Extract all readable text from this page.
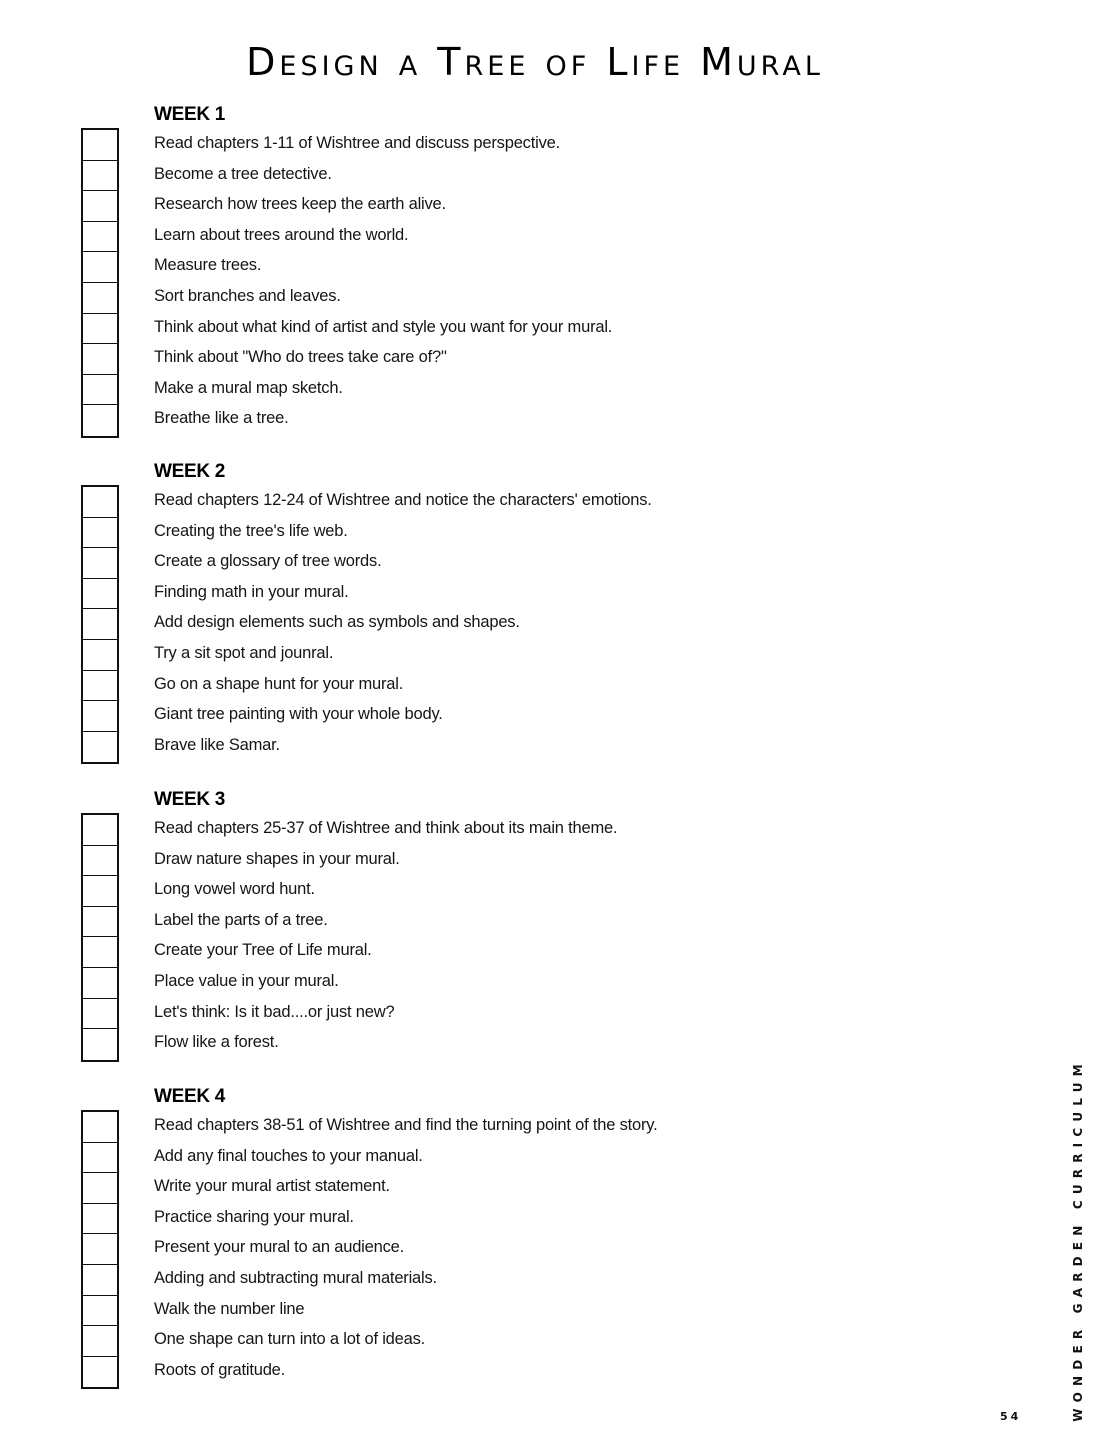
Design a Tree of Life Mural
WEEK 1
Read chapters 1-11 of Wishtree and discuss perspective.
Become a tree detective.
Research how trees keep the earth alive.
Learn about trees around the world.
Measure trees.
Sort branches and leaves.
Think about what kind of artist and style you want for your mural.
Think about "Who do trees take care of?"
Make a mural map sketch.
Breathe like a tree.
WEEK 2
Read chapters 12-24 of Wishtree and notice the characters' emotions.
Creating the tree's life web.
Create a glossary of tree words.
Finding math in your mural.
Add design elements such as symbols and shapes.
Try a sit spot and jounral.
Go on a shape hunt for your mural.
Giant tree painting with your whole body.
Brave like Samar.
WEEK 3
Read chapters 25-37 of Wishtree and think about its main theme.
Draw nature shapes in your mural.
Long vowel word hunt.
Label the parts of a tree.
Create your Tree of Life mural.
Place value in your mural.
Let's think: Is it bad....or just new?
Flow like a forest.
WEEK 4
Read chapters 38-51 of Wishtree and find the turning point of the story.
Add any final touches to your manual.
Write your mural artist statement.
Practice sharing your mural.
Present your mural to an audience.
Adding and subtracting mural materials.
Walk the number line
One shape can turn into a lot of ideas.
Roots of gratitude.	WONDER GARDEN CURRICULUM
54
